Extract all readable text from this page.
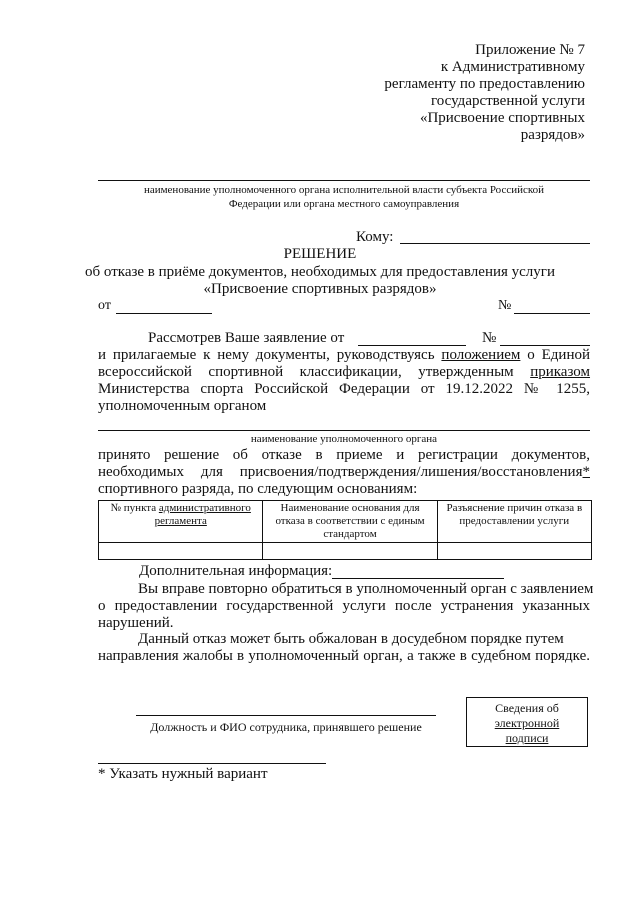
Приложение № 7
к Административному
регламенту по предоставлению
государственной услуги
«Присвоение спортивных
разрядов»
наименование уполномоченного органа исполнительной власти субъекта Российской
Федерации или органа местного самоуправления
Кому:
РЕШЕНИЕ
об отказе в приёме документов, необходимых для предоставления услуги
«Присвоение спортивных разрядов»
от	№
Рассмотрев Ваше заявление от	№
и прилагаемые к нему документы, руководствуясь положением о Единой
всероссийской спортивной классификации, утвержденным приказом
Министерства спорта Российской Федерации от 19.12.2022 № 1255,
уполномоченным органом
наименование уполномоченного органа
принято решение об отказе в приеме и регистрации документов,
необходимых для присвоения/подтверждения/лишения/восстановления*
спортивного разряда, по следующим основаниям:
№ пункта административного регламента	Наименование основания для отказа в соответствии с единым стандартом	Разъяснение причин отказа в предоставлении услуги

Дополнительная информация:
Вы вправе повторно обратиться в уполномоченный орган с заявлением
о предоставлении государственной услуги после устранения указанных
нарушений.
Данный отказ может быть обжалован в досудебном порядке путем
направления жалобы в уполномоченный орган, а также в судебном порядке.
Должность и ФИО сотрудника, принявшего решение
Сведения об
электронной
подписи
* Указать нужный вариант
